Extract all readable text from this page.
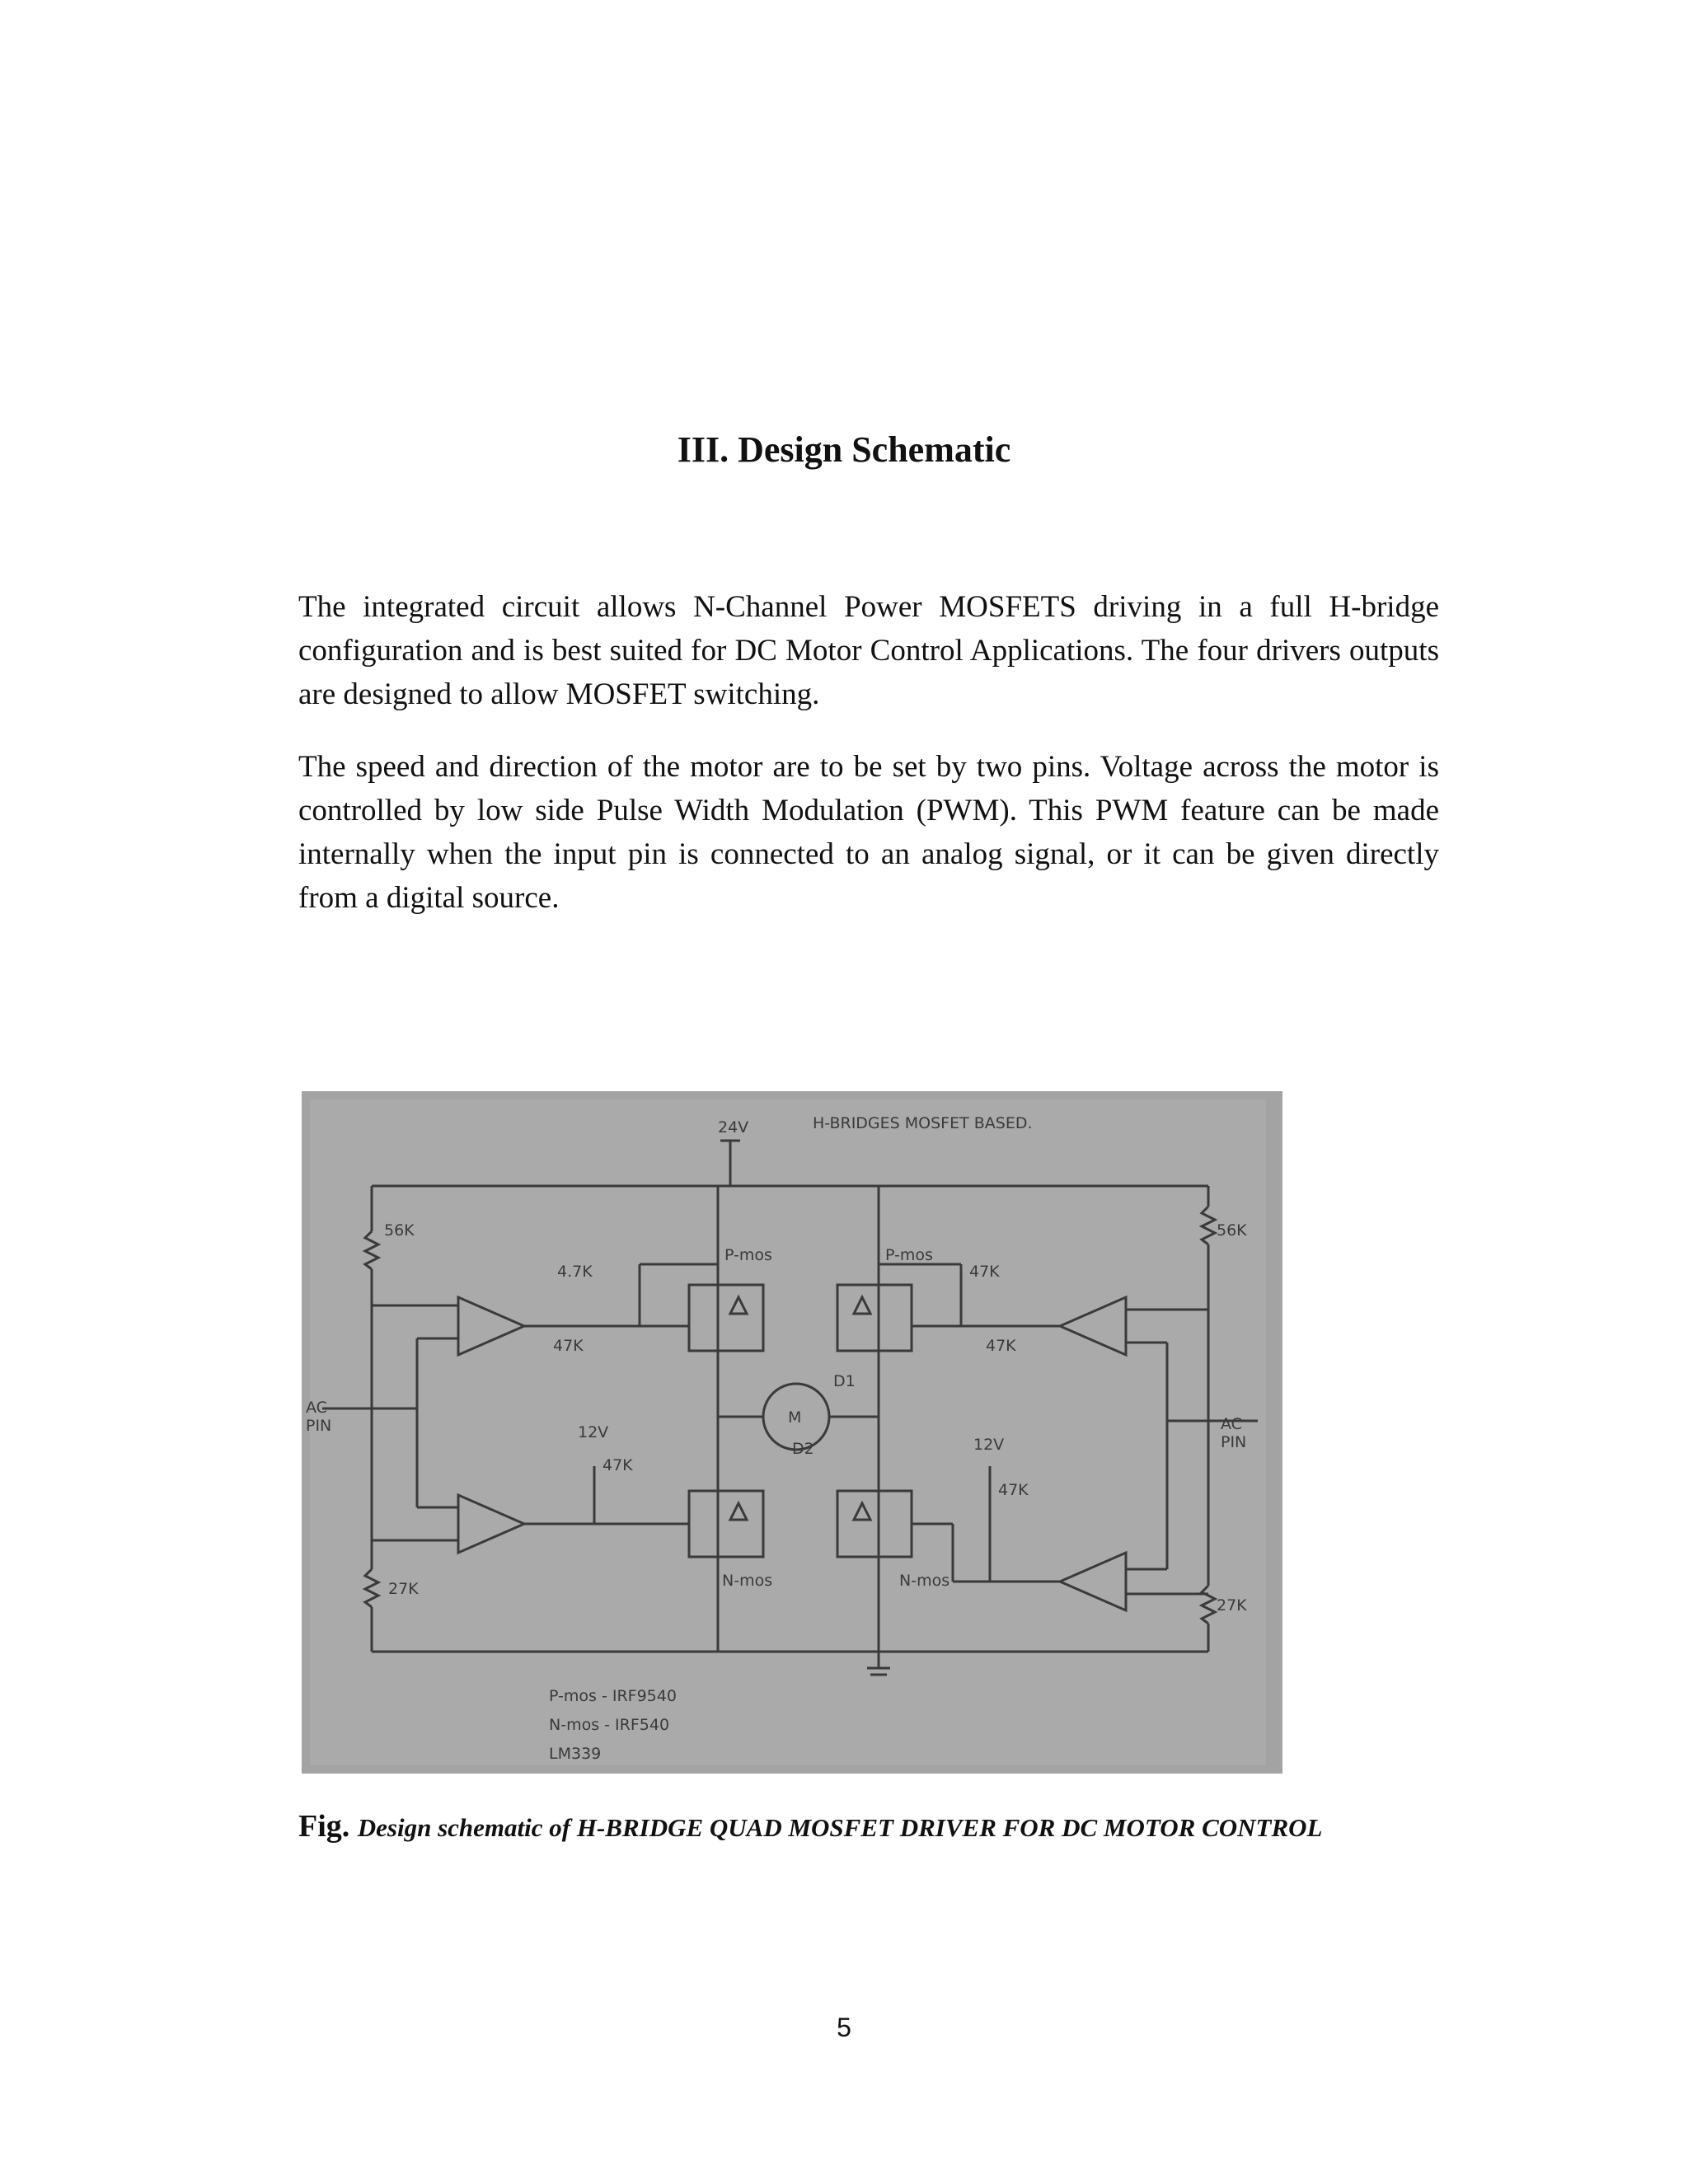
III. Design Schematic

The integrated circuit allows N-Channel Power MOSFETS driving in a full H-bridge configuration and is best suited for DC Motor Control Applications. The four drivers outputs are designed to allow MOSFET switching.

The speed and direction of the motor are to be set by two pins. Voltage across the motor is controlled by low side Pulse Width Modulation (PWM). This PWM feature can be made internally when the input pin is connected to an analog signal, or it can be given directly from a digital source.

24V	H-BRIDGES MOSFET BASED.
56K	56K
4.7K
47K
P-mos	P-mos
47K
47K
D1
D2
M
AC
PIN	AC
PIN
12V
47K
12V
47K
N-mos	N-mos
27K
27K
P-mos - IRF9540
N-mos - IRF540
LM339
Fig. Design schematic of H-BRIDGE QUAD MOSFET DRIVER FOR DC MOTOR CONTROL
5
